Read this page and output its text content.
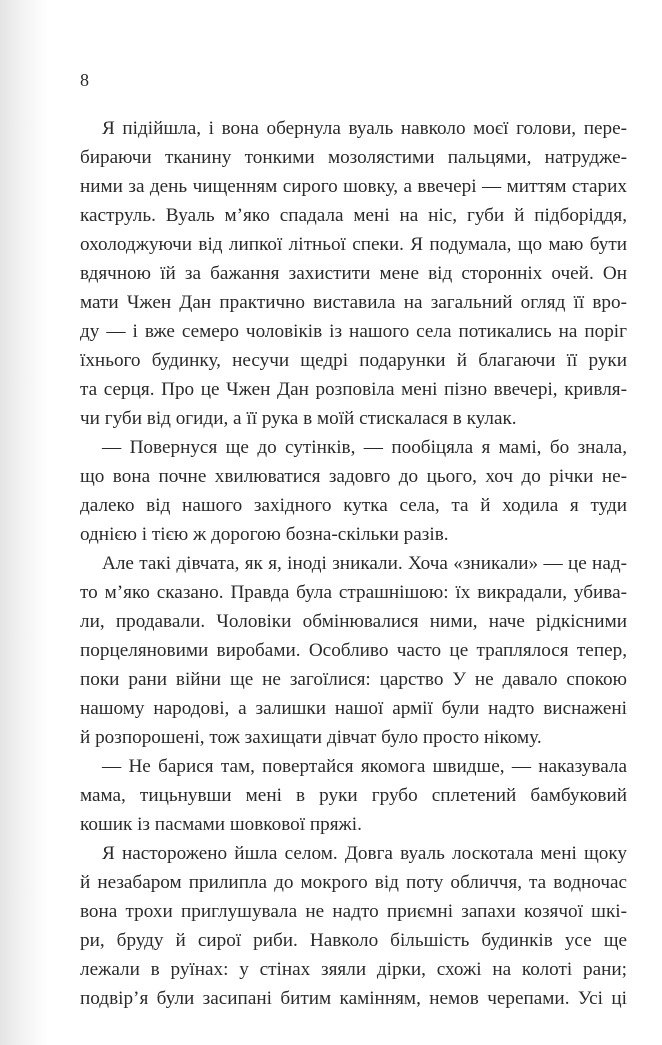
8
Я підійшла, і вона обернула вуаль навколо моєї голови, пере-
бираючи тканину тонкими мозолястими пальцями, натрудже-
ними за день чищенням сирого шовку, а ввечері — миттям старих
каструль. Вуаль м’яко спадала мені на ніс, губи й підборіддя,
охолоджуючи від липкої літньої спеки. Я подумала, що маю бути
вдячною їй за бажання захистити мене від сторонніх очей. Он
мати Чжен Дан практично виставила на загальний огляд її вро-
ду — і вже семеро чоловіків із нашого села потикались на поріг
їхнього будинку, несучи щедрі подарунки й благаючи її руки
та серця. Про це Чжен Дан розповіла мені пізно ввечері, кривля-
чи губи від огиди, а її рука в моїй стискалася в кулак.
— Повернуся ще до сутінків, — пообіцяла я мамі, бо знала,
що вона почне хвилюватися задовго до цього, хоч до річки не-
далеко від нашого західного кутка села, та й ходила я туди
однією і тією ж дорогою бозна-скільки разів.
Але такі дівчата, як я, іноді зникали. Хоча «зникали» — це над-
то м’яко сказано. Правда була страшнішою: їх викрадали, убива-
ли, продавали. Чоловіки обмінювалися ними, наче рідкісними
порцеляновими виробами. Особливо часто це траплялося тепер,
поки рани війни ще не загоїлися: царство У не давало спокою
нашому народові, а залишки нашої армії були надто виснажені
й розпорошені, тож захищати дівчат було просто нікому.
— Не барися там, повертайся якомога швидше, — наказувала
мама, тицьнувши мені в руки грубо сплетений бамбуковий
кошик із пасмами шовкової пряжі.
Я насторожено йшла селом. Довга вуаль лоскотала мені щоку
й незабаром прилипла до мокрого від поту обличчя, та водночас
вона трохи приглушувала не надто приємні запахи козячої шкі-
ри, бруду й сирої риби. Навколо більшість будинків усе ще
лежали в руїнах: у стінах зяяли дірки, схожі на колоті рани;
подвір’я були засипані битим камінням, немов черепами. Усі ці
